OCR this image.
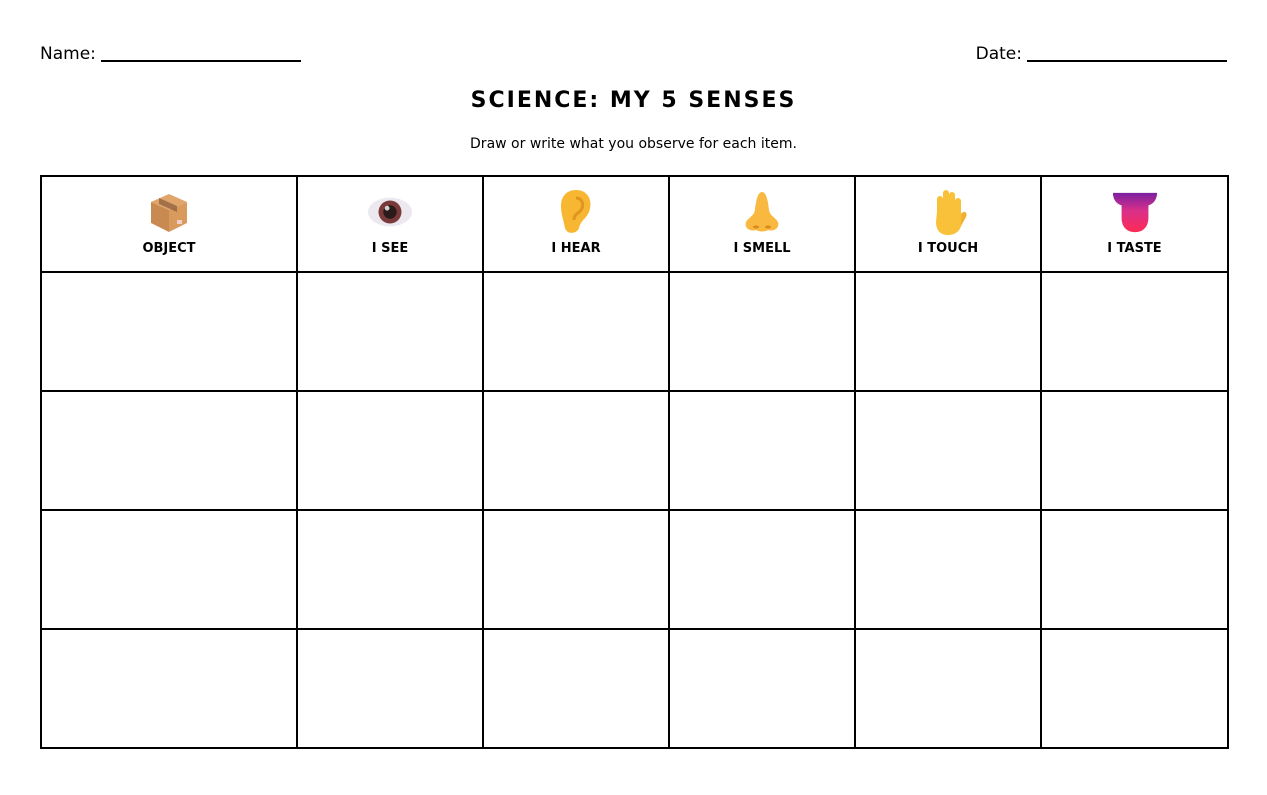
Name:	Date:
SCIENCE: MY 5 SENSES
Draw or write what you observe for each item.
OBJECT	I SEE	I HEAR	I SMELL	I TOUCH	I TASTE
